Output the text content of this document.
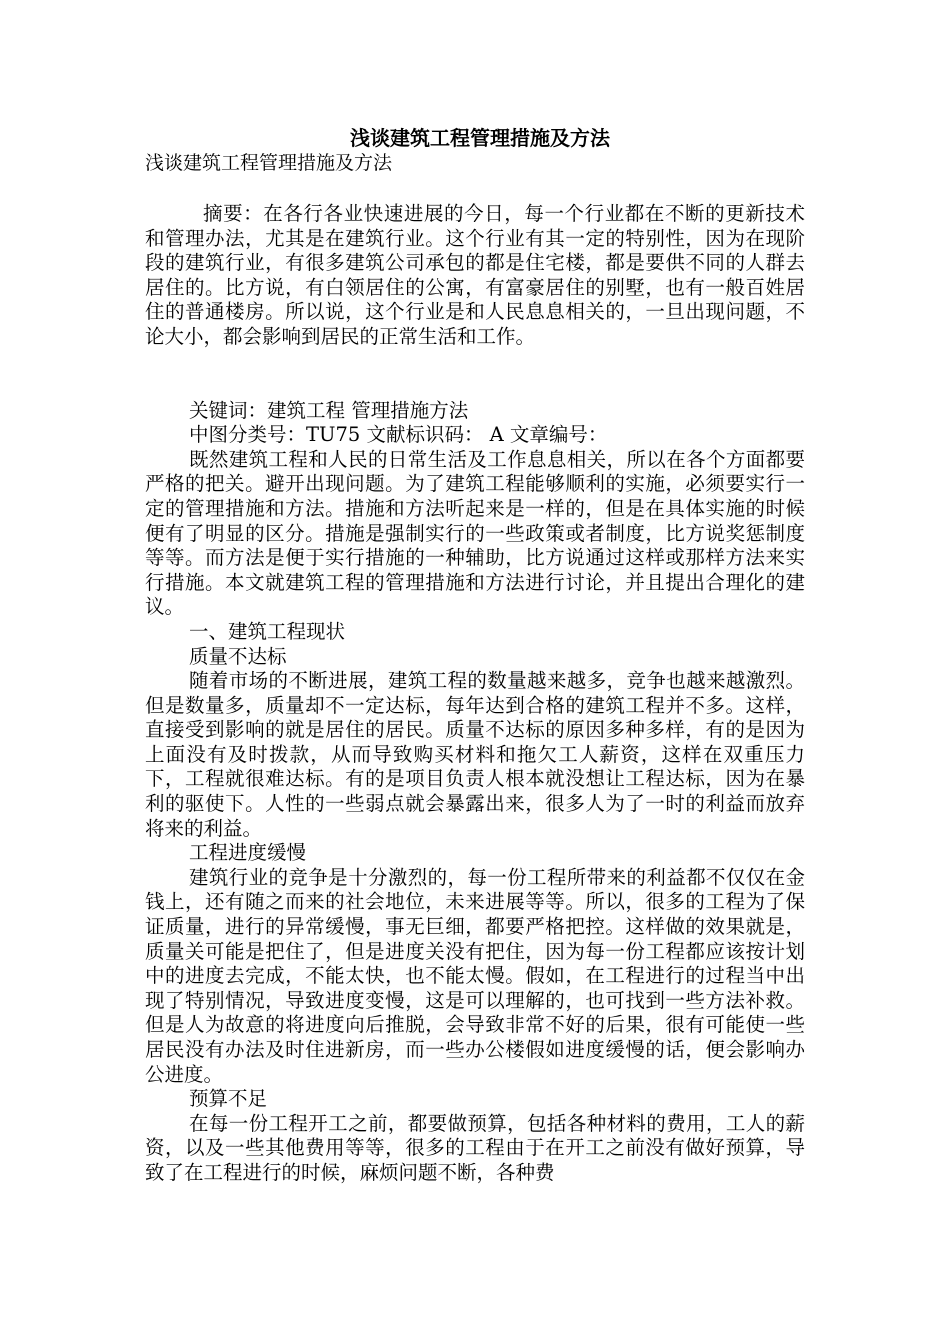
浅谈建筑工程管理措施及方法
浅谈建筑工程管理措施及方法

摘要：在各行各业快速进展的今日，每一个行业都在不断的更新技术和管理办法，尤其是在建筑行业。这个行业有其一定的特别性，因为在现阶段的建筑行业，有很多建筑公司承包的都是住宅楼，都是要供不同的人群去居住的。比方说，有白领居住的公寓，有富豪居住的别墅，也有一般百姓居住的普通楼房。所以说，这个行业是和人民息息相关的，一旦出现问题，不论大小，都会影响到居民的正常生活和工作。

关键词：建筑工程 管理措施方法

中图分类号：TU75 文献标识码： A 文章编号：

既然建筑工程和人民的日常生活及工作息息相关，所以在各个方面都要严格的把关。避开出现问题。为了建筑工程能够顺利的实施，必须要实行一定的管理措施和方法。措施和方法听起来是一样的，但是在具体实施的时候便有了明显的区分。措施是强制实行的一些政策或者制度，比方说奖惩制度等等。而方法是便于实行措施的一种辅助，比方说通过这样或那样方法来实行措施。本文就建筑工程的管理措施和方法进行讨论，并且提出合理化的建议。

一、建筑工程现状

质量不达标

随着市场的不断进展，建筑工程的数量越来越多，竞争也越来越激烈。但是数量多，质量却不一定达标，每年达到合格的建筑工程并不多。这样，直接受到影响的就是居住的居民。质量不达标的原因多种多样，有的是因为上面没有及时拨款，从而导致购买材料和拖欠工人薪资，这样在双重压力下，工程就很难达标。有的是项目负责人根本就没想让工程达标，因为在暴利的驱使下。人性的一些弱点就会暴露出来，很多人为了一时的利益而放弃将来的利益。

工程进度缓慢

建筑行业的竞争是十分激烈的，每一份工程所带来的利益都不仅仅在金钱上，还有随之而来的社会地位，未来进展等等。所以，很多的工程为了保证质量，进行的异常缓慢，事无巨细，都要严格把控。这样做的效果就是，质量关可能是把住了，但是进度关没有把住，因为每一份工程都应该按计划中的进度去完成，不能太快，也不能太慢。假如，在工程进行的过程当中出现了特别情况，导致进度变慢，这是可以理解的，也可找到一些方法补救。但是人为故意的将进度向后推脱，会导致非常不好的后果，很有可能使一些居民没有办法及时住进新房，而一些办公楼假如进度缓慢的话，便会影响办公进度。

预算不足

在每一份工程开工之前，都要做预算，包括各种材料的费用，工人的薪资，以及一些其他费用等等，很多的工程由于在开工之前没有做好预算，导致了在工程进行的时候，麻烦问题不断，各种费
